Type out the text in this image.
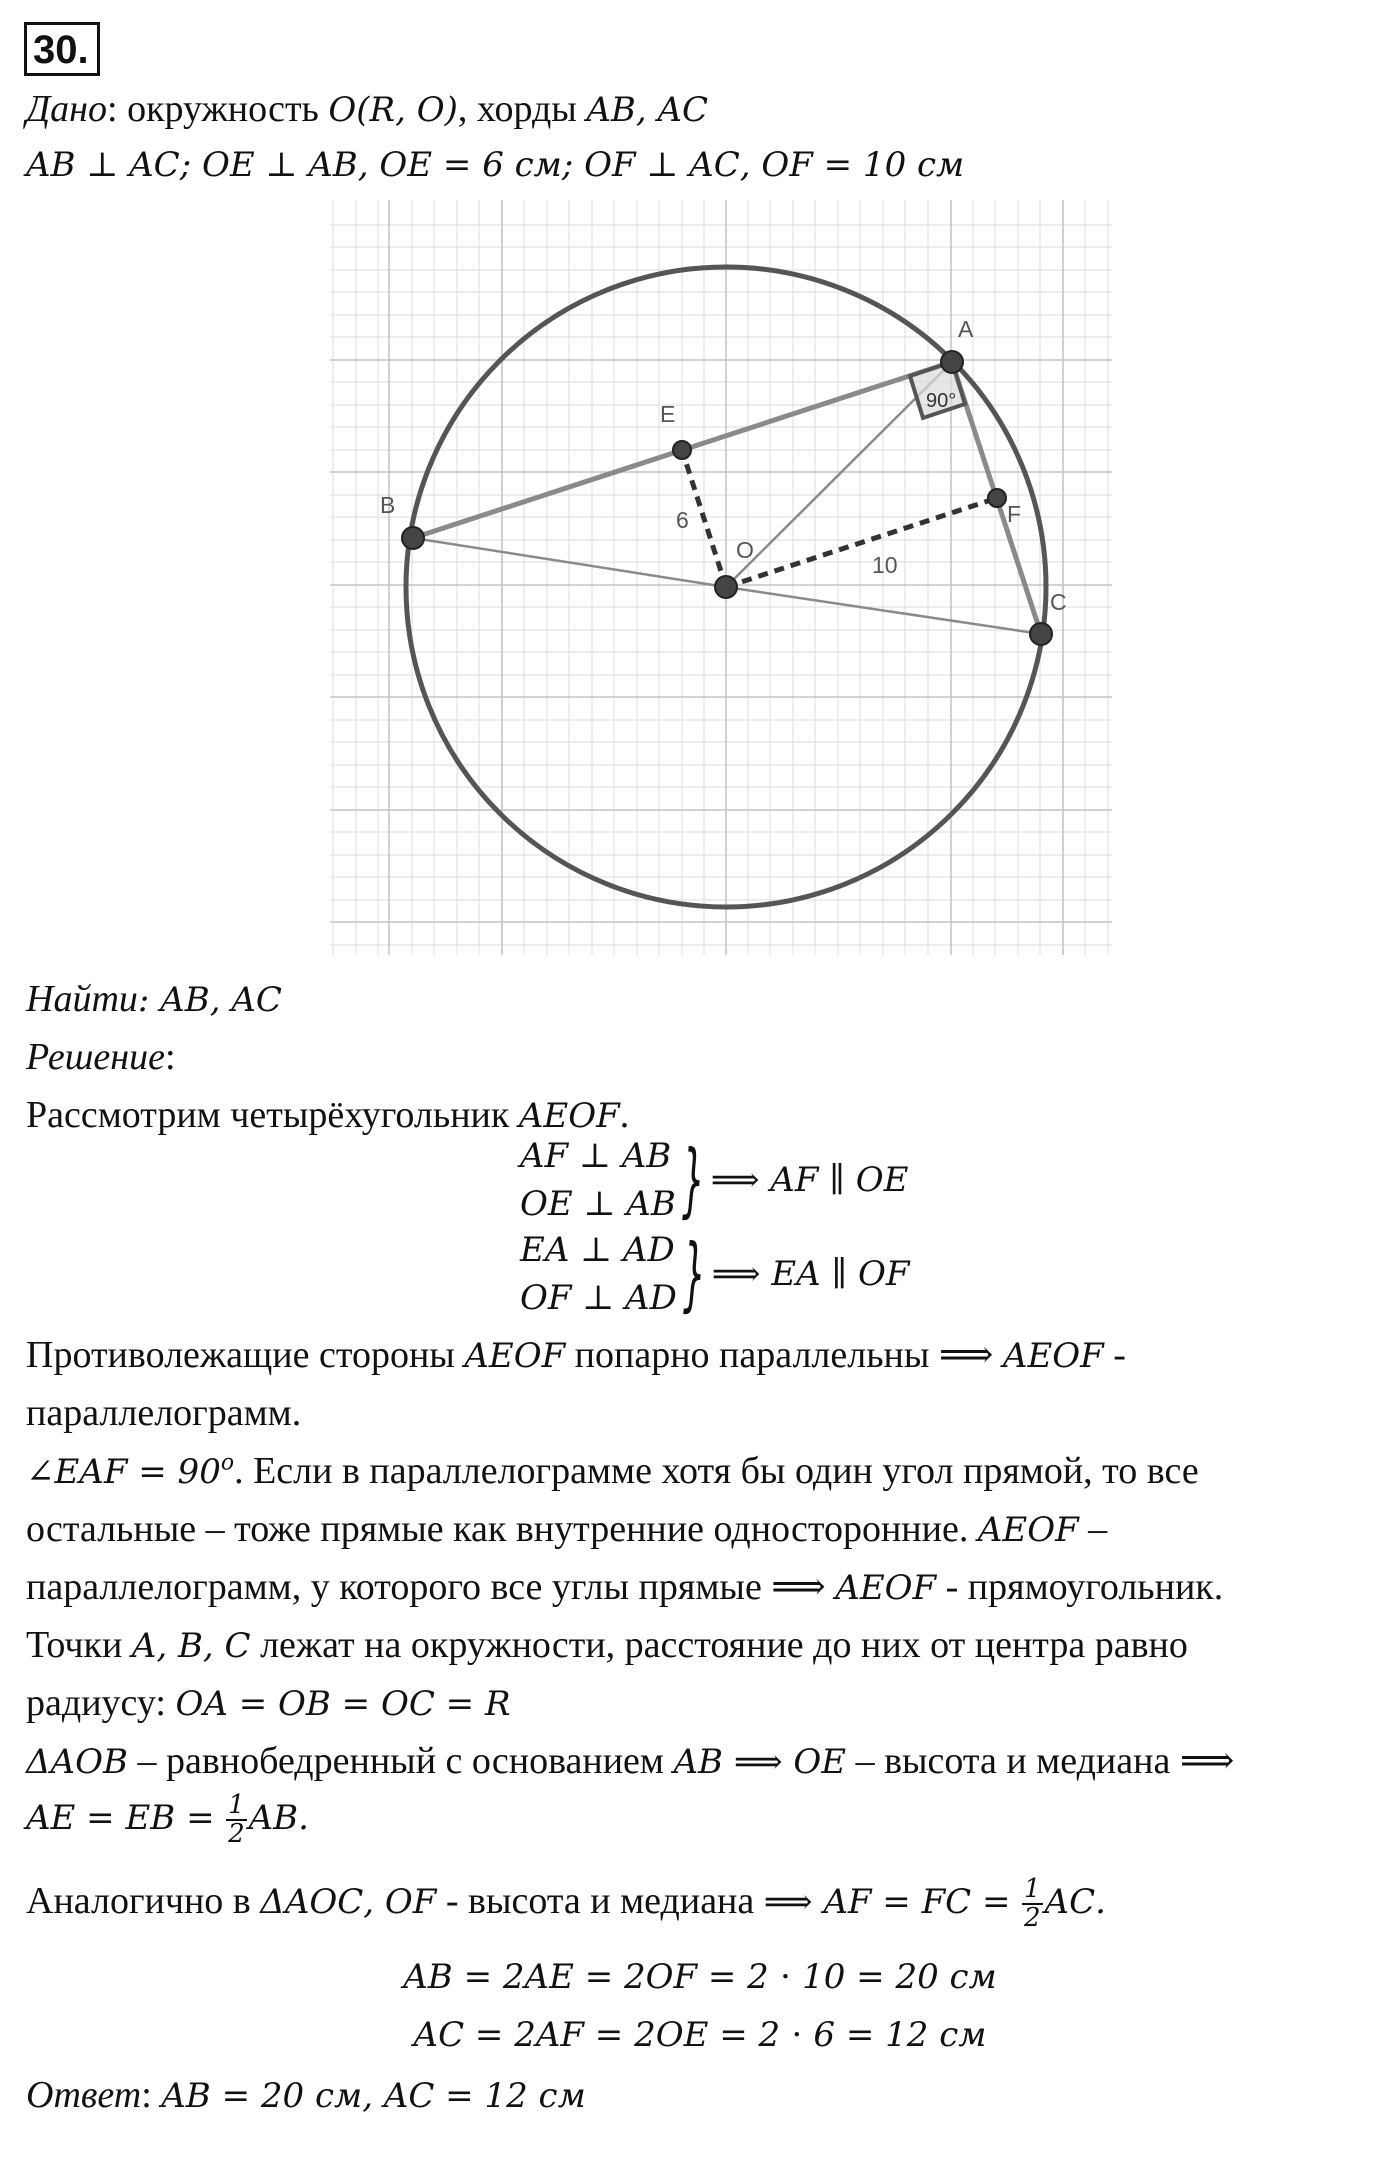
30.
Дано: окружность 𝑂(𝑅, 𝑂), хорды 𝐴𝐵, 𝐴𝐶
𝐴𝐵 ⊥ 𝐴𝐶; 𝑂𝐸 ⊥ 𝐴𝐵, 𝑂𝐸 = 6 см; 𝑂𝐹 ⊥ 𝐴𝐶, 𝑂𝐹 = 10 см
90°
A
B
C
O
E
F
6
10
Найти: 𝐴𝐵, 𝐴𝐶
Решение:
Рассмотрим четырёхугольник 𝐴𝐸𝑂𝐹.
𝐴𝐹 ⊥ 𝐴𝐵
𝑂𝐸 ⊥ 𝐴𝐵 } ⟹ 𝐴𝐹 ∥ 𝑂𝐸
𝐸𝐴 ⊥ 𝐴𝐷
𝑂𝐹 ⊥ 𝐴𝐷 } ⟹ 𝐸𝐴 ∥ 𝑂𝐹
Противолежащие стороны 𝐴𝐸𝑂𝐹 попарно параллельны ⟹ 𝐴𝐸𝑂𝐹 -
параллелограмм.
∠𝐸𝐴𝐹 = $90^𝑜$. Если в параллелограмме хотя бы один угол прямой, то все
остальные – тоже прямые как внутренние односторонние. 𝐴𝐸𝑂𝐹 –
параллелограмм, у которого все углы прямые ⟹ 𝐴𝐸𝑂𝐹 - прямоугольник.
Точки 𝐴, 𝐵, 𝐶 лежат на окружности, расстояние до них от центра равно
радиусу: 𝑂𝐴 = 𝑂𝐵 = 𝑂𝐶 = 𝑅
Δ𝐴𝑂𝐵 – равнобедренный с основанием 𝐴𝐵 ⟹ 𝑂𝐸 – высота и медиана ⟹
𝐴𝐸 = 𝐸𝐵 = $\frac{1}{2}$ 𝐴𝐵.
Аналогично в Δ𝐴𝑂𝐶, 𝑂𝐹 - высота и медиана ⟹ 𝐴𝐹 = 𝐹𝐶 = $\frac{1}{2}$ 𝐴𝐶.
𝐴𝐵 = 2𝐴𝐸 = 2𝑂𝐹 = 2 ⋅ 10 = 20 см
𝐴𝐶 = 2𝐴𝐹 = 2𝑂𝐸 = 2 ⋅ 6 = 12 см
Ответ: 𝐴𝐵 = 20 см, 𝐴𝐶 = 12 см
